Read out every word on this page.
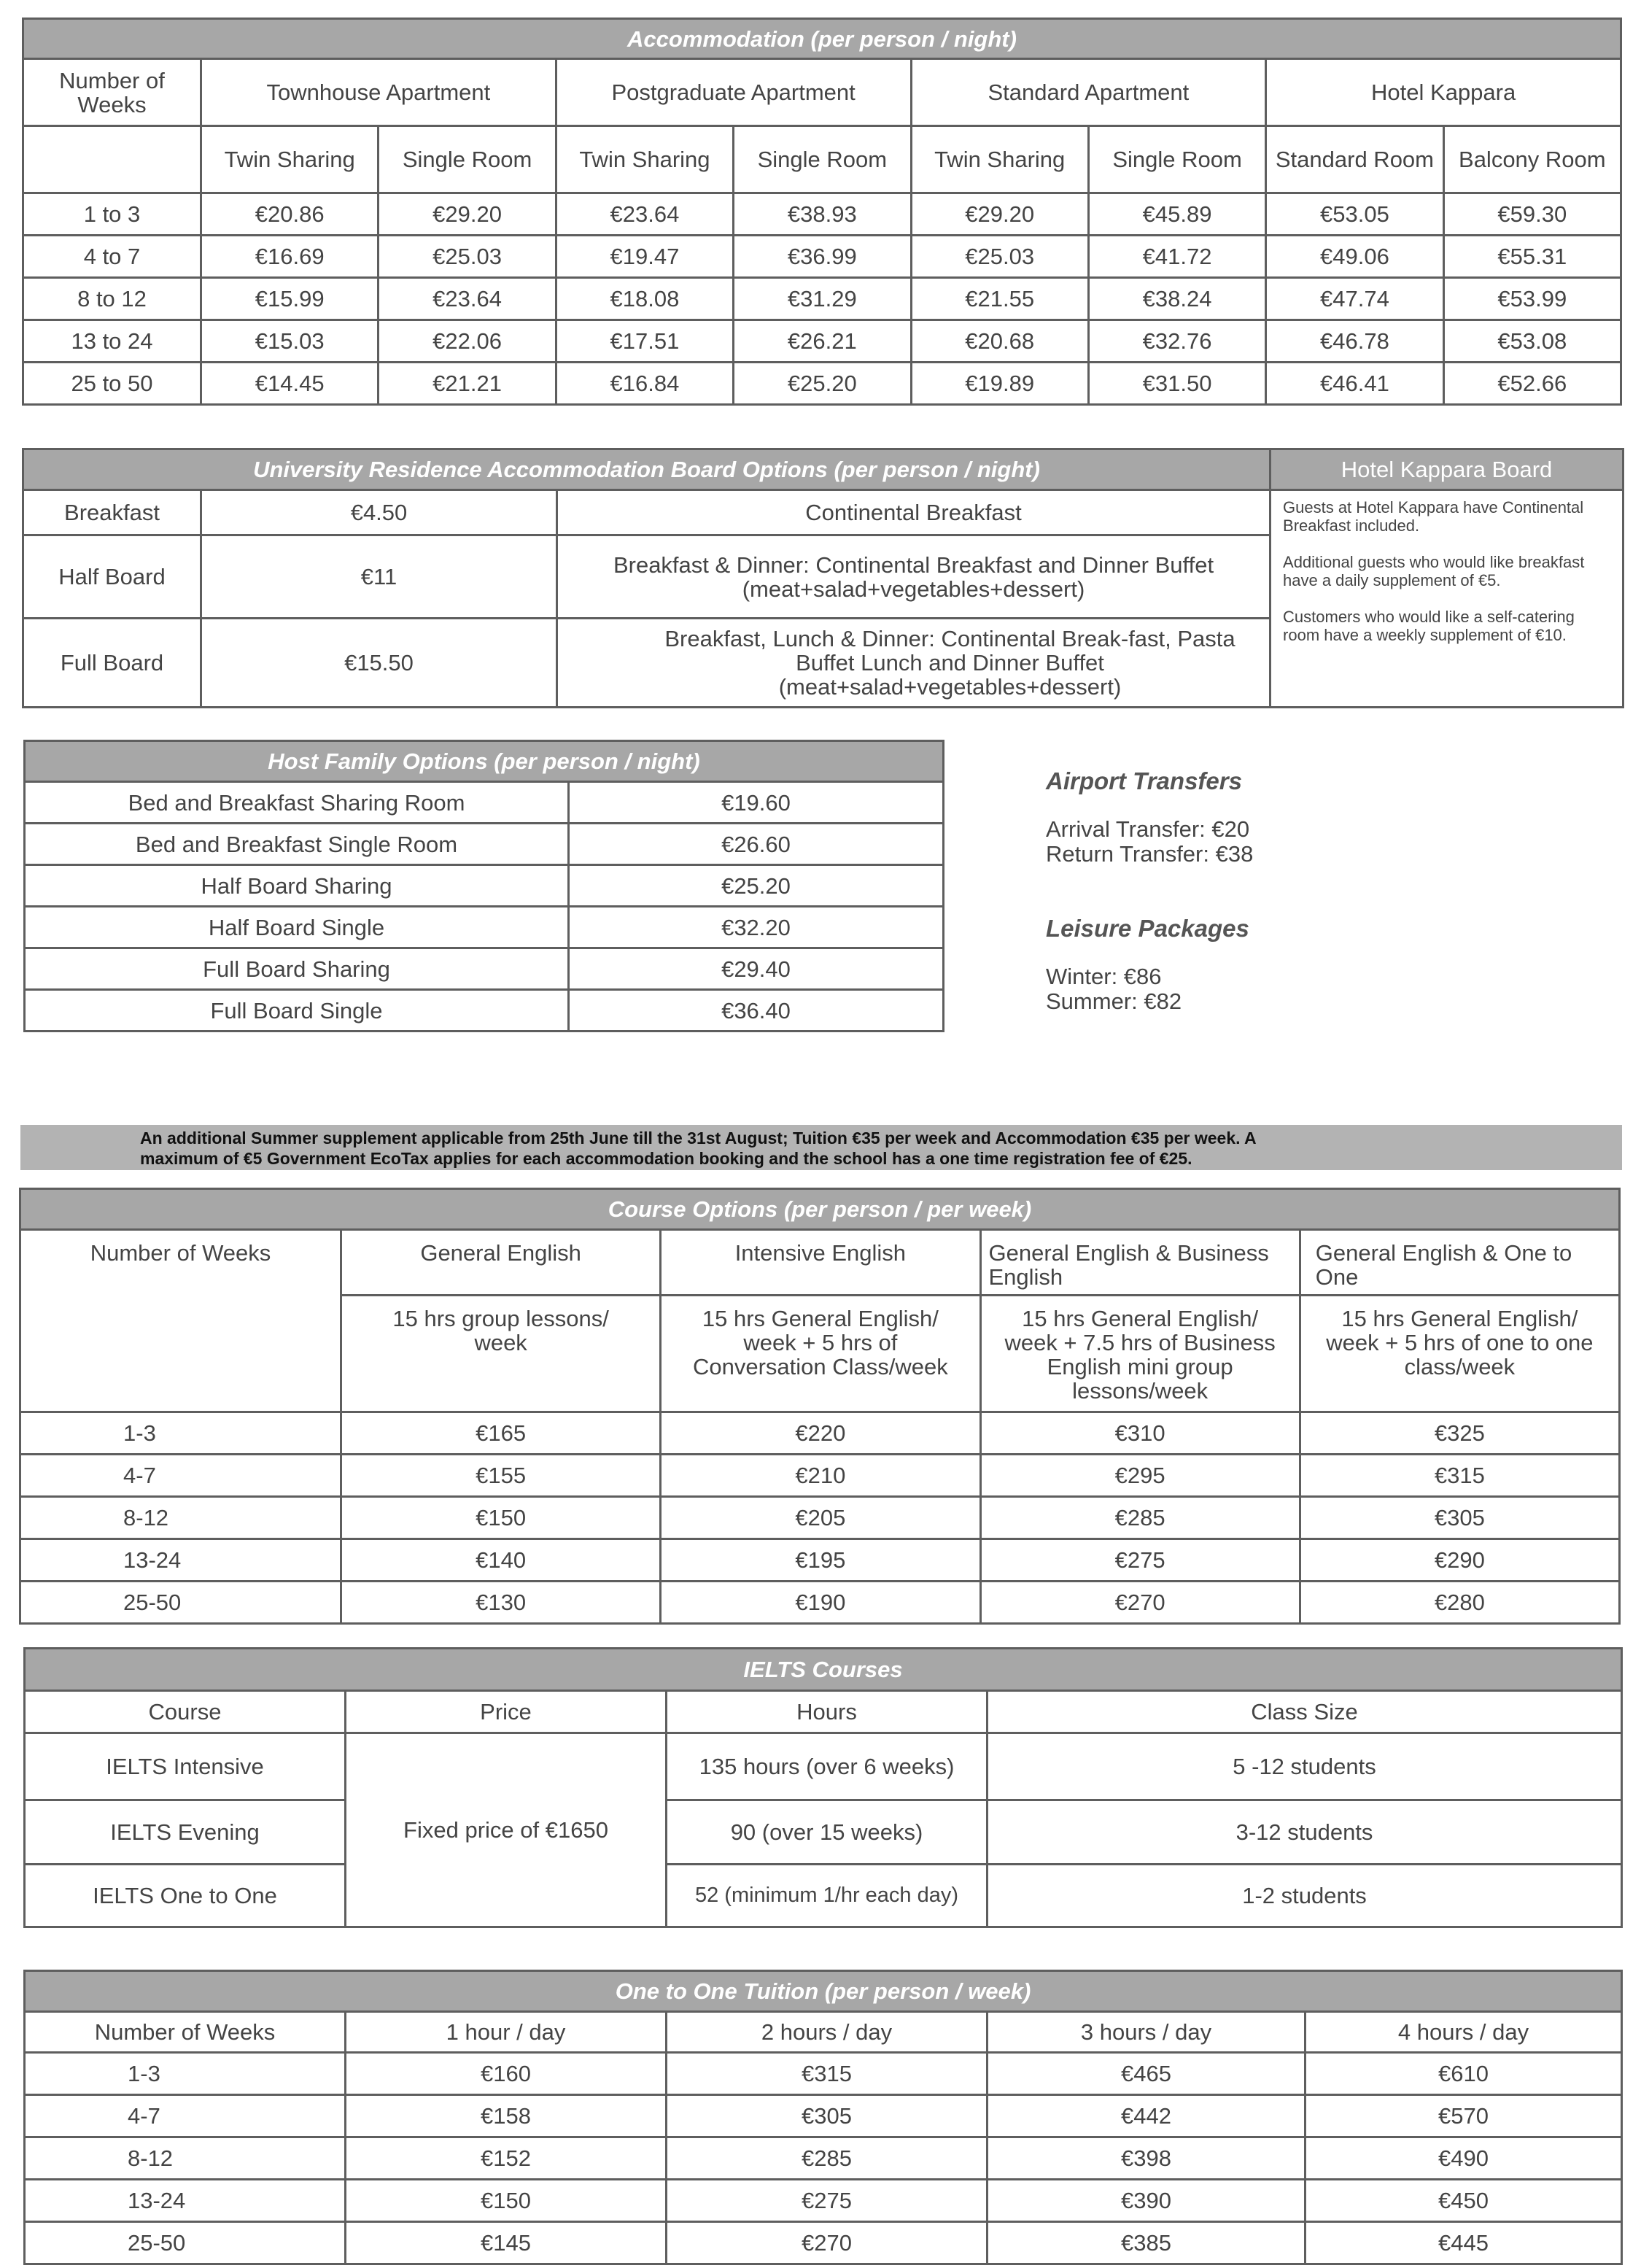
Accommodation (per person / night)								
Number of Weeks	Townhouse Apartment		Postgraduate Apartment		Standard Apartment		Hotel Kappara	
	Twin Sharing	Single Room	Twin Sharing	Single Room	Twin Sharing	Single Room	Standard Room	Balcony Room
1 to 3	€20.86	€29.20	€23.64	€38.93	€29.20	€45.89	€53.05	€59.30
4 to 7	€16.69	€25.03	€19.47	€36.99	€25.03	€41.72	€49.06	€55.31
8 to 12	€15.99	€23.64	€18.08	€31.29	€21.55	€38.24	€47.74	€53.99
13 to 24	€15.03	€22.06	€17.51	€26.21	€20.68	€32.76	€46.78	€53.08
25 to 50	€14.45	€21.21	€16.84	€25.20	€19.89	€31.50	€46.41	€52.66
University Residence Accommodation Board Options (per person / night)			Hotel Kappara Board
Breakfast	€4.50	Continental Breakfast	Guests at Hotel Kappara have Continental Breakfast included.

Additional guests who would like breakfast have a daily supplement of €5.

Customers who would like a self-catering room have a weekly supplement of €10.

Half Board	€11	Breakfast & Dinner: Continental Breakfast and Dinner Buffet (meat+salad+vegetables+dessert)	
Full Board	€15.50	Breakfast, Lunch & Dinner: Continental Break-fast, Pasta Buffet Lunch and Dinner Buffet (meat+salad+vegetables+dessert)	
Host Family Options (per person / night)	
Bed and Breakfast Sharing Room	€19.60
Bed and Breakfast Single Room	€26.60
Half Board Sharing	€25.20
Half Board Single	€32.20
Full Board Sharing	€29.40
Full Board Single	€36.40
Airport Transfers

Arrival Transfer: €20

Return Transfer: €38

Leisure Packages

Winter: €86

Summer: €82

An additional Summer supplement applicable from 25th June till the 31st August; Tuition €35 per week and Accommodation €35 per week. A
maximum of €5 Government EcoTax applies for each accommodation booking and the school has a one time registration fee of €25.
Course Options (per person / per week)				
Number of Weeks	General English	Intensive English	General English & Business English	General English & One to One
	15 hrs group lessons/ week	15 hrs General English/ week + 5 hrs of Conversation Class/week	15 hrs General English/ week + 7.5 hrs of Business English mini group lessons/week	15 hrs General English/ week + 5 hrs of one to one class/week
1-3	€165	€220	€310	€325
4-7	€155	€210	€295	€315
8-12	€150	€205	€285	€305
13-24	€140	€195	€275	€290
25-50	€130	€190	€270	€280
IELTS Courses			
Course	Price	Hours	Class Size
IELTS Intensive	Fixed price of €1650	135 hours (over 6 weeks)	5 -12 students
IELTS Evening		90 (over 15 weeks)	3-12 students
IELTS One to One		52 (minimum 1/hr each day)	1-2 students
One to One Tuition (per person / week)				
Number of Weeks	1 hour / day	2 hours / day	3 hours / day	4 hours / day
1-3	€160	€315	€465	€610
4-7	€158	€305	€442	€570
8-12	€152	€285	€398	€490
13-24	€150	€275	€390	€450
25-50	€145	€270	€385	€445
